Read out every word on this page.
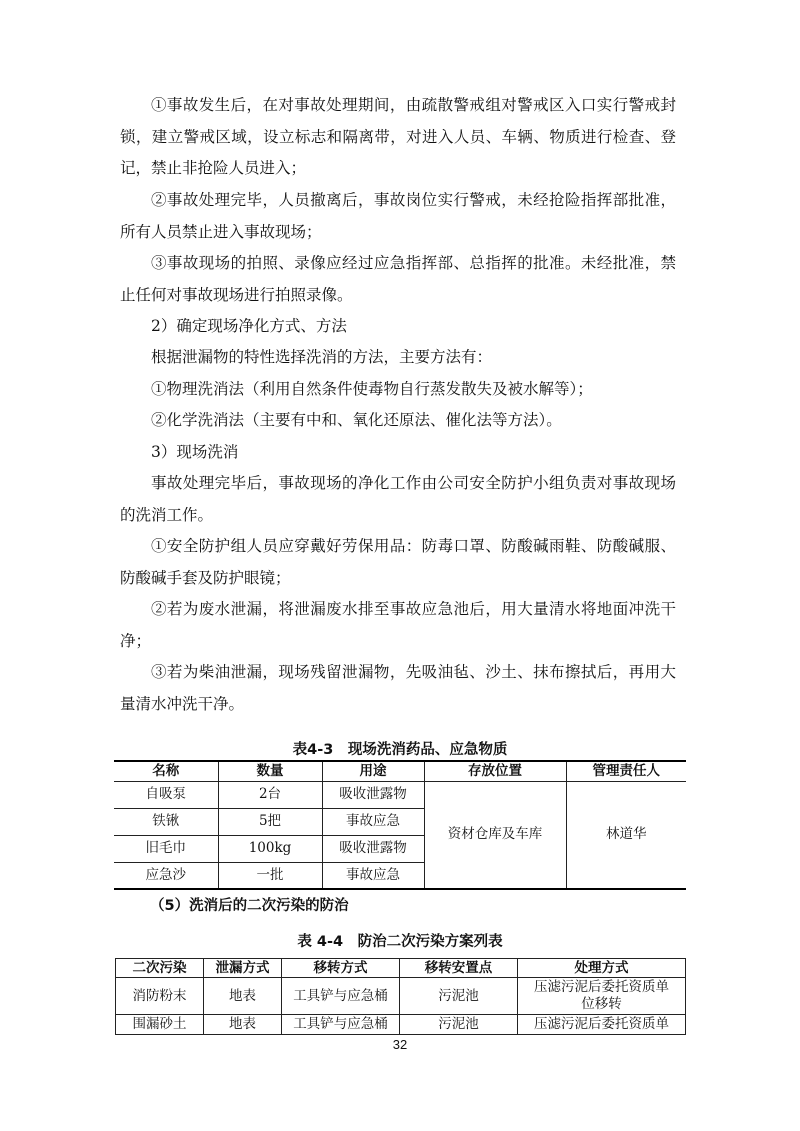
①事故发生后，在对事故处理期间，由疏散警戒组对警戒区入口实行警戒封锁，建立警戒区域，设立标志和隔离带，对进入人员、车辆、物质进行检查、登记，禁止非抢险人员进入；

②事故处理完毕，人员撤离后，事故岗位实行警戒，未经抢险指挥部批准，所有人员禁止进入事故现场；

③事故现场的拍照、录像应经过应急指挥部、总指挥的批准。未经批准，禁止任何对事故现场进行拍照录像。

2）确定现场净化方式、方法

根据泄漏物的特性选择洗消的方法，主要方法有：

①物理洗消法（利用自然条件使毒物自行蒸发散失及被水解等）；

②化学洗消法（主要有中和、氧化还原法、催化法等方法）。

3）现场洗消

事故处理完毕后，事故现场的净化工作由公司安全防护小组负责对事故现场的洗消工作。

①安全防护组人员应穿戴好劳保用品：防毒口罩、防酸碱雨鞋、防酸碱服、防酸碱手套及防护眼镜；

②若为废水泄漏，将泄漏废水排至事故应急池后，用大量清水将地面冲洗干净；

③若为柴油泄漏，现场残留泄漏物，先吸油毡、沙土、抹布擦拭后，再用大量清水冲洗干净。

表4-3　现场洗消药品、应急物质

名称	数量	用途	存放位置	管理责任人
自吸泵	2台	吸收泄露物	资材仓库及车库	林道华
铁锹	5把	事故应急		
旧毛巾	100kg	吸收泄露物		
应急沙	一批	事故应急		

（5）洗消后的二次污染的防治

表 4-4　防治二次污染方案列表

二次污染	泄漏方式	移转方式	移转安置点	处理方式
消防粉末	地表	工具铲与应急桶	污泥池	压滤污泥后委托资质单位移转
围漏砂土	地表	工具铲与应急桶	污泥池	压滤污泥后委托资质单

32
